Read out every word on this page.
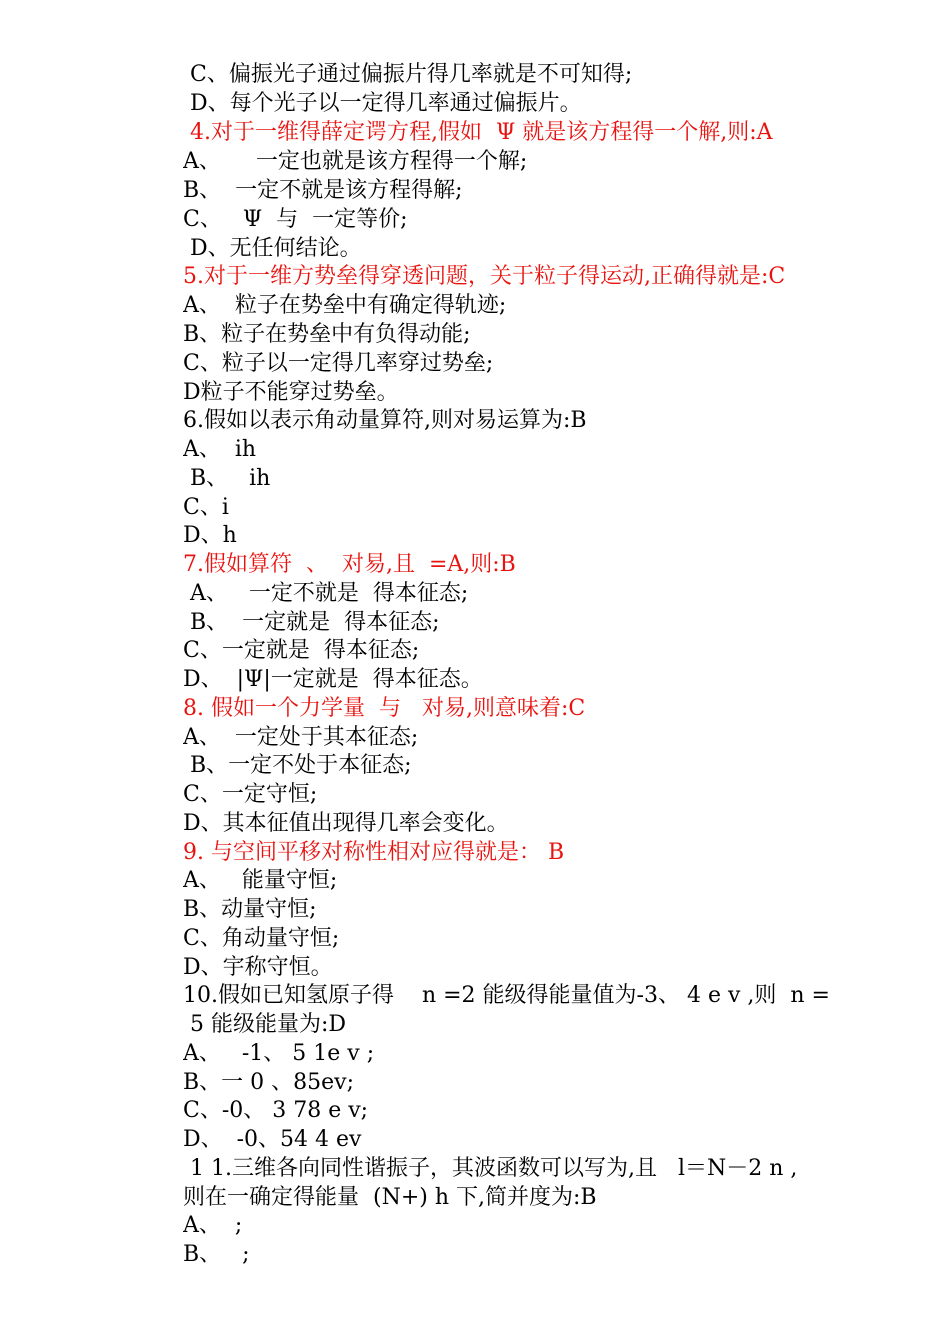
C、偏振光子通过偏振片得几率就是不可知得;
D、每个光子以一定得几率通过偏振片。
4.对于一维得薛定谔方程,假如  Ψ 就是该方程得一个解,则:A
A、     一定也就是该方程得一个解;
B、  一定不就是该方程得解;
C、   Ψ  与  一定等价;
D、无任何结论。
5.对于一维方势垒得穿透问题，关于粒子得运动,正确得就是:C
A、  粒子在势垒中有确定得轨迹;
B、粒子在势垒中有负得动能;
C、粒子以一定得几率穿过势垒;
D粒子不能穿过势垒。
6.假如以表示角动量算符,则对易运算为:B
A、  ih
B、   ih
C、i
D、h
7.假如算符  、  对易,且  =A,则:B
A、   一定不就是  得本征态;
B、  一定就是  得本征态;
C、一定就是  得本征态;
D、  |Ψ|一定就是  得本征态。
8. 假如一个力学量  与   对易,则意味着:C
A、  一定处于其本征态;
B、一定不处于本征态;
C、一定守恒;
D、其本征值出现得几率会变化。
9. 与空间平移对称性相对应得就是： B
A、   能量守恒;
B、动量守恒;
C、角动量守恒;
D、宇称守恒。
10.假如已知氢原子得    n =2 能级得能量值为-3、 4 e v ,则  n =
5 能级能量为:D
A、   -1、 5 1e v ;
B、一 0 、85ev;
C、-0、 3 78 e v;
D、  -0、54 4 ev
1 1.三维各向同性谐振子，其波函数可以写为,且   l＝N－2 n ,
则在一确定得能量  (N+) h 下,简并度为:B
A、  ;
B、   ;
